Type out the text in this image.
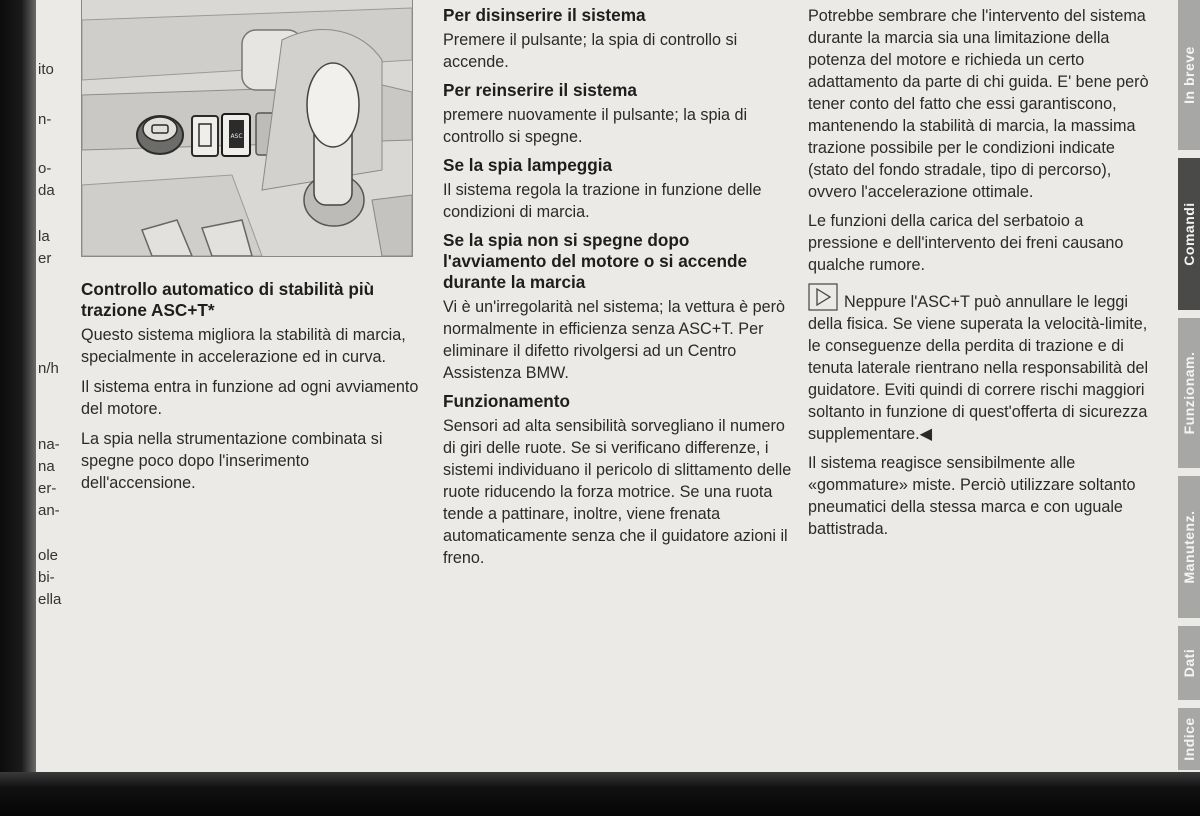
ito
n-
o-
da
la
er
n/h
na-
na
er-
an-
ole
bi-
ella
ASC
Controllo automatico di stabilità più trazione ASC+T*

Questo sistema migliora la stabilità di marcia, specialmente in accelerazione ed in curva.

Il sistema entra in funzione ad ogni avviamento del motore.

La spia nella strumentazione combinata si spegne poco dopo l'inserimento dell'accensione.

Per disinserire il sistema

Premere il pulsante; la spia di controllo si accende.

Per reinserire il sistema

premere nuovamente il pulsante; la spia di controllo si spegne.

Se la spia lampeggia

Il sistema regola la trazione in funzione delle condizioni di marcia.

Se la spia non si spegne dopo l'avviamento del motore o si accende durante la marcia

Vi è un'irregolarità nel sistema; la vettura è però normalmente in efficienza senza ASC+T. Per eliminare il difetto rivolgersi ad un Centro Assistenza BMW.

Funzionamento

Sensori ad alta sensibilità sorvegliano il numero di giri delle ruote. Se si verificano differenze, i sistemi individuano il pericolo di slittamento delle ruote riducendo la forza motrice. Se una ruota tende a pattinare, inoltre, viene frenata automaticamente senza che il guidatore azioni il freno.

Potrebbe sembrare che l'intervento del sistema durante la marcia sia una limitazione della potenza del motore e richieda un certo adattamento da parte di chi guida. E' bene però tener conto del fatto che essi garantiscono, mantenendo la stabilità di marcia, la massima trazione possibile per le condizioni indicate (stato del fondo stradale, tipo di percorso), ovvero l'accelerazione ottimale.

Le funzioni della carica del serbatoio a pressione e dell'intervento dei freni causano qualche rumore.

Neppure l'ASC+T può annullare le leggi della fisica. Se viene superata la velocità-limite, le conseguenze della perdita di trazione e di tenuta laterale rientrano nella responsabilità del guidatore. Eviti quindi di correre rischi maggiori soltanto in funzione di quest'offerta di sicurezza supplementare.◀

Il sistema reagisce sensibilmente alle «gommature» miste. Perciò utilizzare soltanto pneumatici della stessa marca e con uguale battistrada.

In breve
Comandi
Funzionam.
Manutenz.
Dati
Indice
